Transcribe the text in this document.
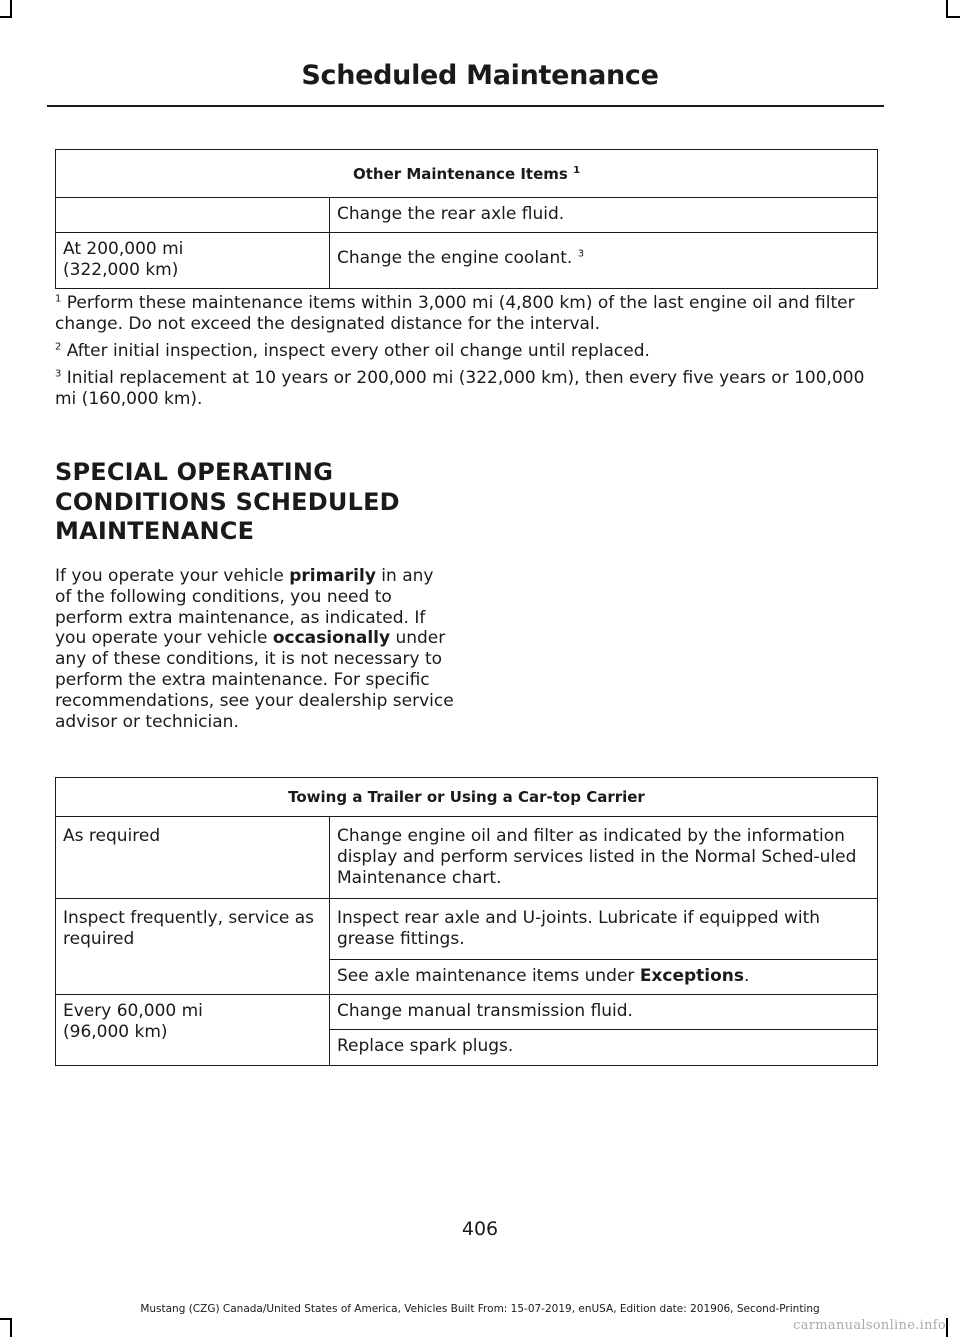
Scheduled Maintenance
Other Maintenance Items $^1$
	Change the rear axle fluid.
At 200,000 mi
(322,000 km)	Change the engine coolant. $^3$

$^1$ Perform these maintenance items within 3,000 mi (4,800 km) of the last engine oil and filter change. Do not exceed the designated distance for the interval.

$^2$ After initial inspection, inspect every other oil change until replaced.

$^3$ Initial replacement at 10 years or 200,000 mi (322,000 km), then every five years or 100,000 mi (160,000 km).

SPECIAL OPERATING
CONDITIONS SCHEDULED
MAINTENANCE

If you operate your vehicle primarily in any of the following conditions, you need to perform extra maintenance, as indicated. If you operate your vehicle occasionally under any of these conditions, it is not necessary to perform the extra maintenance. For specific recommendations, see your dealership service advisor or technician.

Towing a Trailer or Using a Car-top Carrier	
As required	Change engine oil and filter as indicated by the information display and perform services listed in the Normal Sched-uled Maintenance chart.
Inspect frequently, service as required	Inspect rear axle and U-joints. Lubricate if equipped with grease fittings.
	See axle maintenance items under Exceptions.
Every 60,000 mi
(96,000 km)	Change manual transmission fluid.
	Replace spark plugs.
406
Mustang (CZG) Canada/United States of America, Vehicles Built From: 15-07-2019, enUSA, Edition date: 201906, Second-Printing
carmanualsonline.info
